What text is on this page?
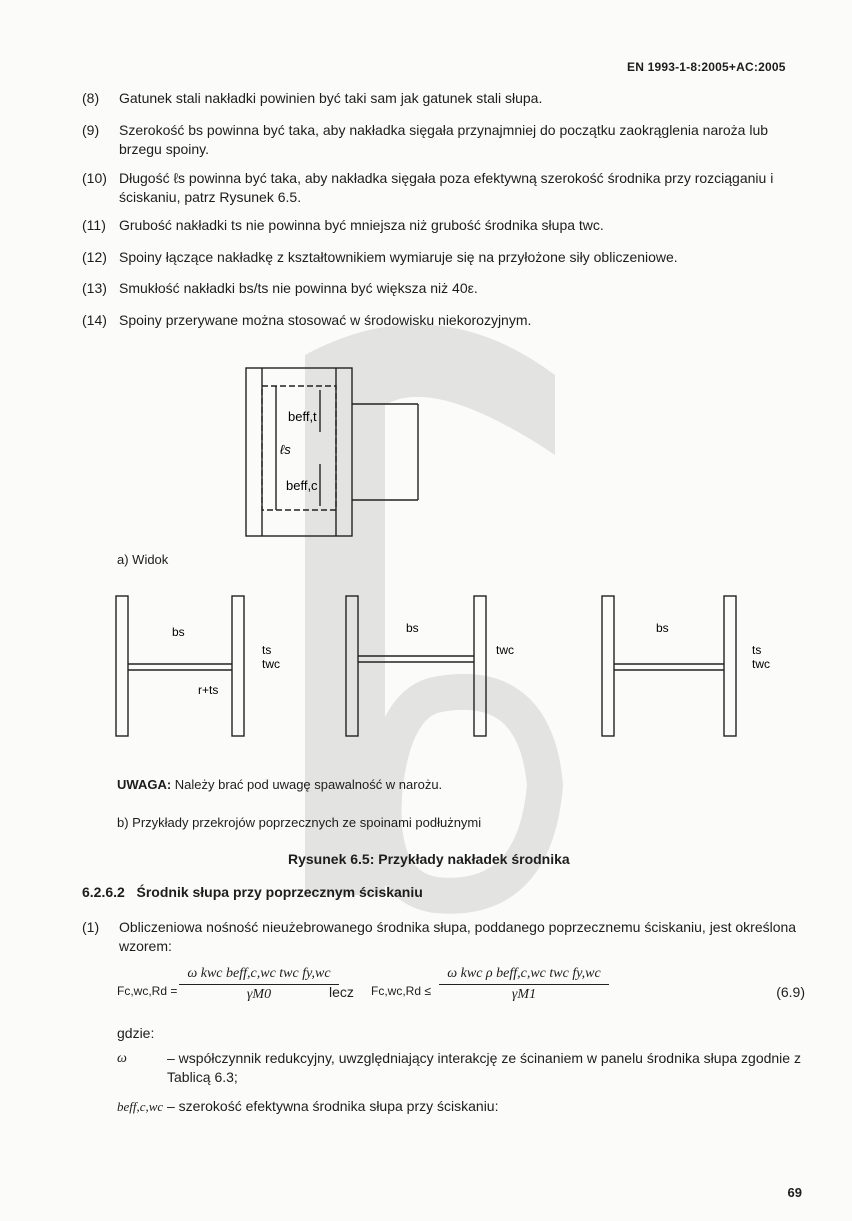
EN 1993-1-8:2005+AC:2005
(8) Gatunek stali nakładki powinien być taki sam jak gatunek stali słupa.
(9) Szerokość bs powinna być taka, aby nakładka sięgała przynajmniej do początku zaokrąglenia naroża lub brzegu spoiny.
(10) Długość ℓs powinna być taka, aby nakładka sięgała poza efektywną szerokość środnika przy rozciąganiu i ściskaniu, patrz Rysunek 6.5.
(11) Grubość nakładki ts nie powinna być mniejsza niż grubość środnika słupa twc.
(12) Spoiny łączące nakładkę z kształtownikiem wymiaruje się na przyłożone siły obliczeniowe.
(13) Smukłość nakładki bs/ts nie powinna być większa niż 40ε.
(14) Spoiny przerywane można stosować w środowisku niekorozyjnym.
beff,t
ℓs
beff,c
a) Widok
bs
ts
twc
r+ts
bs
twc
bs
ts
twc
UWAGA: Należy brać pod uwagę spawalność w narożu.
b) Przykłady przekrojów poprzecznych ze spoinami podłużnymi
Rysunek 6.5: Przykłady nakładek środnika
6.2.6.2 Środnik słupa przy poprzecznym ściskaniu
(1) Obliczeniowa nośność nieużebrowanego środnika słupa, poddanego poprzecznemu ściskaniu, jest określona wzorem:
Fc,wc,Rd =
ω kwc beff,c,wc twc fy,wc
γM0	lecz Fc,wc,Rd ≤
ω kwc ρ beff,c,wc twc fy,wc
γM1	(6.9)
gdzie:
ω	– współczynnik redukcyjny, uwzględniający interakcję ze ścinaniem w panelu środnika słupa zgodnie z Tablicą 6.3;
beff,c,wc – szerokość efektywna środnika słupa przy ściskaniu:
69
